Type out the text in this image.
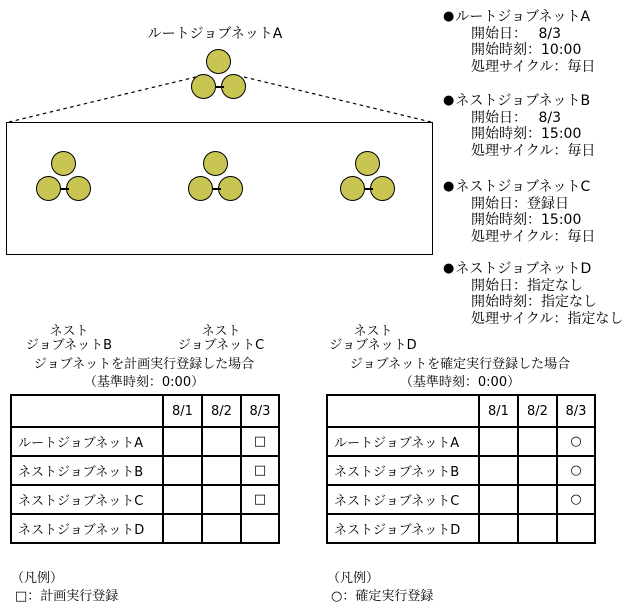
ルートジョブネットA
ネスト
ジョブネットB
ネスト
ジョブネットC
ネスト
ジョブネットD
● ルートジョブネットA
開始日：　 8/3
開始時刻：10:00
処理サイクル：毎日
● ネストジョブネットB
開始日：　 8/3
開始時刻：15:00
処理サイクル：毎日
● ネストジョブネットC
開始日：登録日
開始時刻：15:00
処理サイクル：毎日
● ネストジョブネットD
開始日：指定なし
開始時刻：指定なし
処理サイクル：指定なし
ジョブネットを計画実行登録した場合
（基準時刻：0:00）
	8/1	8/2	8/3
ルートジョブネットA			□
ネストジョブネットB			□
ネストジョブネットC			□
ネストジョブネットD			
（凡例）
□：計画実行登録
ジョブネットを確定実行登録した場合
（基準時刻：0:00）
	8/1	8/2	8/3
ルートジョブネットA			○
ネストジョブネットB			○
ネストジョブネットC			○
ネストジョブネットD			
（凡例）
○：確定実行登録
